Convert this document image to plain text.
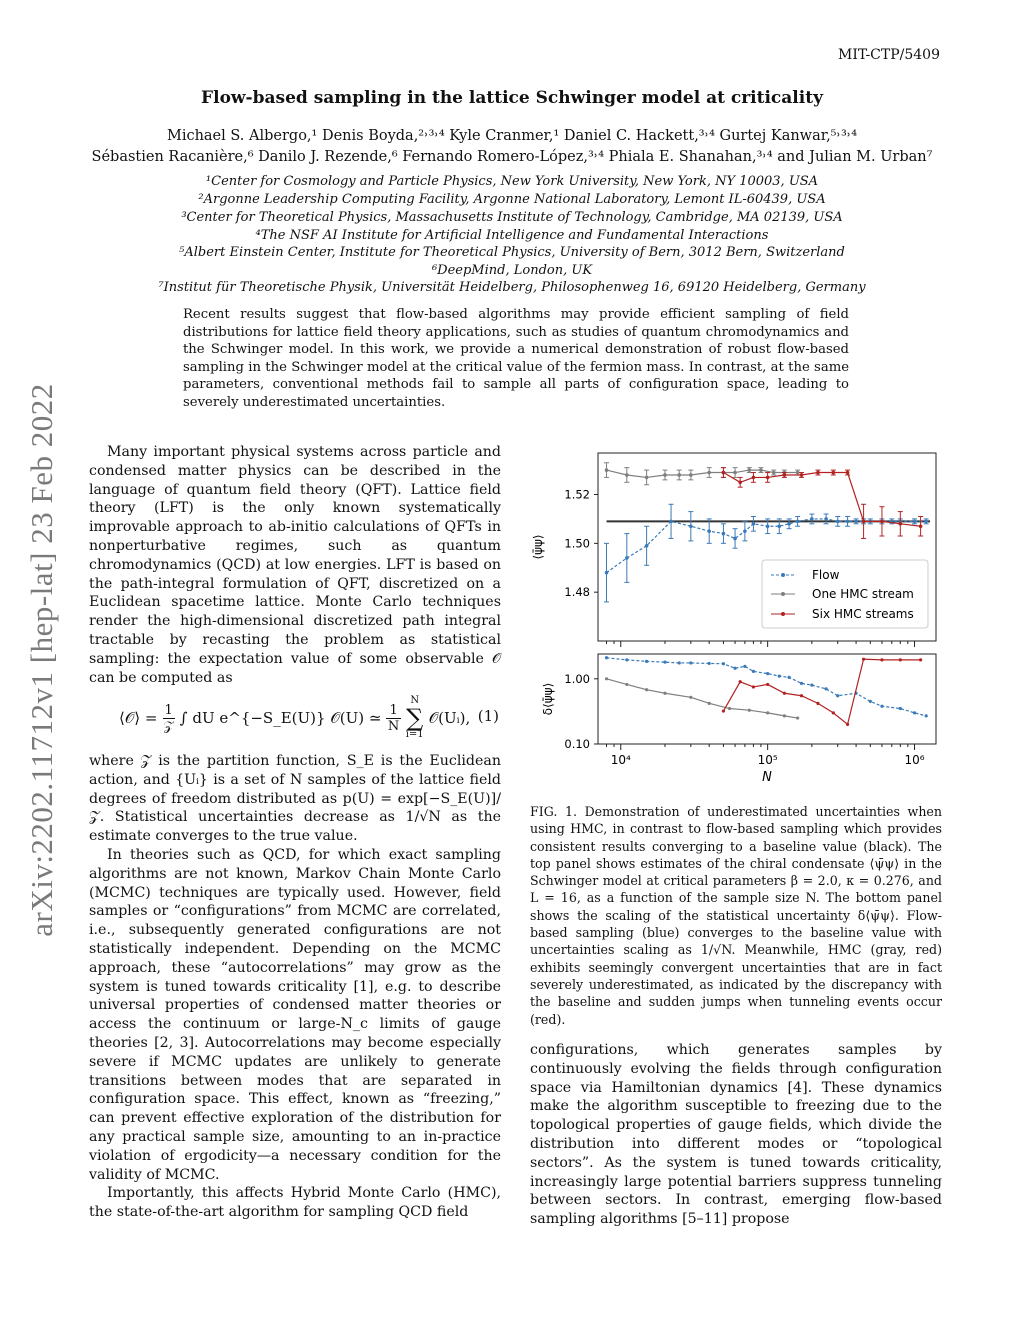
MIT-CTP/5409
arXiv:2202.11712v1 [hep-lat] 23 Feb 2022
Flow-based sampling in the lattice Schwinger model at criticality
Michael S. Albergo,¹ Denis Boyda,²˒³˒⁴ Kyle Cranmer,¹ Daniel C. Hackett,³˒⁴ Gurtej Kanwar,⁵˒³˒⁴
Sébastien Racanière,⁶ Danilo J. Rezende,⁶ Fernando Romero-López,³˒⁴ Phiala E. Shanahan,³˒⁴ and Julian M. Urban⁷
¹Center for Cosmology and Particle Physics, New York University, New York, NY 10003, USA
²Argonne Leadership Computing Facility, Argonne National Laboratory, Lemont IL-60439, USA
³Center for Theoretical Physics, Massachusetts Institute of Technology, Cambridge, MA 02139, USA
⁴The NSF AI Institute for Artificial Intelligence and Fundamental Interactions
⁵Albert Einstein Center, Institute for Theoretical Physics, University of Bern, 3012 Bern, Switzerland
⁶DeepMind, London, UK
⁷Institut für Theoretische Physik, Universität Heidelberg, Philosophenweg 16, 69120 Heidelberg, Germany
Recent results suggest that flow-based algorithms may provide efficient sampling of field distributions for lattice field theory applications, such as studies of quantum chromodynamics and the Schwinger model. In this work, we provide a numerical demonstration of robust flow-based sampling in the Schwinger model at the critical value of the fermion mass. In contrast, at the same parameters, conventional methods fail to sample all parts of configuration space, leading to severely underestimated uncertainties.

Many important physical systems across particle and condensed matter physics can be described in the language of quantum field theory (QFT). Lattice field theory (LFT) is the only known systematically improvable approach to ab-initio calculations of QFTs in nonperturbative regimes, such as quantum chromodynamics (QCD) at low energies. LFT is based on the path-integral formulation of QFT, discretized on a Euclidean spacetime lattice. Monte Carlo techniques render the high-dimensional discretized path integral tractable by recasting the problem as statistical sampling: the expectation value of some observable 𝒪 can be computed as

⟨𝒪⟩ = 1
𝒵 ∫ dU e^{−S_E(U)} 𝒪(U) ≃ 1
N
N
∑
i=1
𝒪(Uᵢ), (1)

where 𝒵 is the partition function, S_E is the Euclidean action, and {Uᵢ} is a set of N samples of the lattice field degrees of freedom distributed as p(U) = exp[−S_E(U)]/𝒵. Statistical uncertainties decrease as 1/√N as the estimate converges to the true value.

In theories such as QCD, for which exact sampling algorithms are not known, Markov Chain Monte Carlo (MCMC) techniques are typically used. However, field samples or “configurations” from MCMC are correlated, i.e., subsequently generated configurations are not statistically independent. Depending on the MCMC approach, these “autocorrelations” may grow as the system is tuned towards criticality [1], e.g. to describe universal properties of condensed matter theories or access the continuum or large-N_c limits of gauge theories [2, 3]. Autocorrelations may become especially severe if MCMC updates are unlikely to generate transitions between modes that are separated in configuration space. This effect, known as “freezing,” can prevent effective exploration of the distribution for any practical sample size, amounting to an in-practice violation of ergodicity—a necessary condition for the validity of MCMC.

Importantly, this affects Hybrid Monte Carlo (HMC), the state-of-the-art algorithm for sampling QCD field

⟨ψ̄ψ⟩
1.48
1.50
1.52
Flow
One HMC stream
Six HMC streams
δ⟨ψ̄ψ⟩
0.10
1.00
10⁴	10⁵	10⁶
N
FIG. 1. Demonstration of underestimated uncertainties when using HMC, in contrast to flow-based sampling which provides consistent results converging to a baseline value (black). The top panel shows estimates of the chiral condensate ⟨ψ̄ψ⟩ in the Schwinger model at critical parameters β = 2.0, κ = 0.276, and L = 16, as a function of the sample size N. The bottom panel shows the scaling of the statistical uncertainty δ⟨ψ̄ψ⟩. Flow-based sampling (blue) converges to the baseline value with uncertainties scaling as 1/√N. Meanwhile, HMC (gray, red) exhibits seemingly convergent uncertainties that are in fact severely underestimated, as indicated by the discrepancy with the baseline and sudden jumps when tunneling events occur (red).

configurations, which generates samples by continuously evolving the fields through configuration space via Hamiltonian dynamics [4]. These dynamics make the algorithm susceptible to freezing due to the topological properties of gauge fields, which divide the distribution into different modes or “topological sectors”. As the system is tuned towards criticality, increasingly large potential barriers suppress tunneling between sectors. In contrast, emerging flow-based sampling algorithms [5–11] propose
